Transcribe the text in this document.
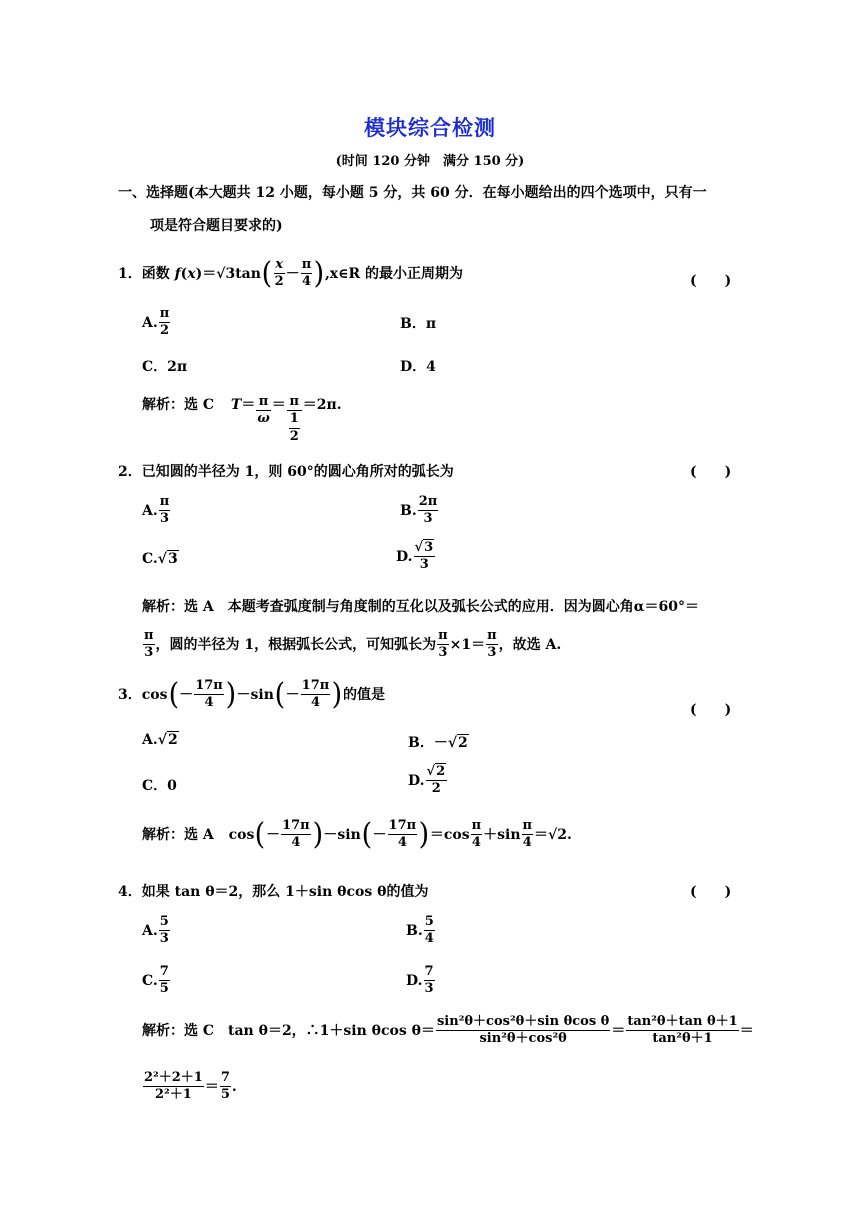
模块综合检测
(时间 120 分钟　满分 150 分)
一、选择题(本大题共 12 小题，每小题 5 分，共 60 分．在每小题给出的四个选项中，只有一
项是符合题目要求的)
1．函数 $f(x)=√3\tan( \frac{x}{2} - \frac{\pi}{4}$ ),x∈R 的最小正周期为	(　　)
A. $\frac{\pi}{2}$	B．π
C．2π	D．4
解析：选 C $T= \frac{\pi}{\omega} = \frac{\pi}{\frac{1}{2}} =2\pi$.
2．已知圆的半径为 1，则 60°的圆心角所对的弧长为	(　　)
A. $\frac{\pi}{3}$	B. $\frac{2\pi}{3}$
C.√3	D. $\frac{√3}{3}$
解析：选 A　本题考查弧度制与角度制的互化以及弧长公式的应用．因为圆心角α＝60°＝
$\frac{\pi}{3}$ ，圆的半径为 1，根据弧长公式，可知弧长为 $\frac{\pi}{3} \times 1= \frac{\pi}{3}$ ，故选 A.
3．$\cos(- \frac{17\pi}{4} )-\sin(- \frac{17\pi}{4}$ )的值是
(　　)
A.√2	B．－√2
C．0	D. $\frac{√2}{2}$
解析：选 A $\cos(- \frac{17\pi}{4} )-\sin(- \frac{17\pi}{4} )=\cos \frac{\pi}{4} +\sin \frac{\pi}{4} =√2$.
4．如果 tan θ＝2，那么 1＋sin θcos θ的值为	(　　)
A. $\frac{5}{3}$	B. $\frac{5}{4}$
C. $\frac{7}{5}$	D. $\frac{7}{3}$
解析：选 C　tan θ＝2，∴1＋sin θcos $\theta= \frac{\text{sin²θ＋cos²θ＋sin θcos θ}}{\text{sin²θ＋cos²θ}} = \frac{\text{tan²θ＋tan θ＋1}}{\text{tan²θ＋1}}$ ＝
$\frac{\text{2²＋2＋1}}{\text{2²＋1}} = \frac{7}{5}$ .
